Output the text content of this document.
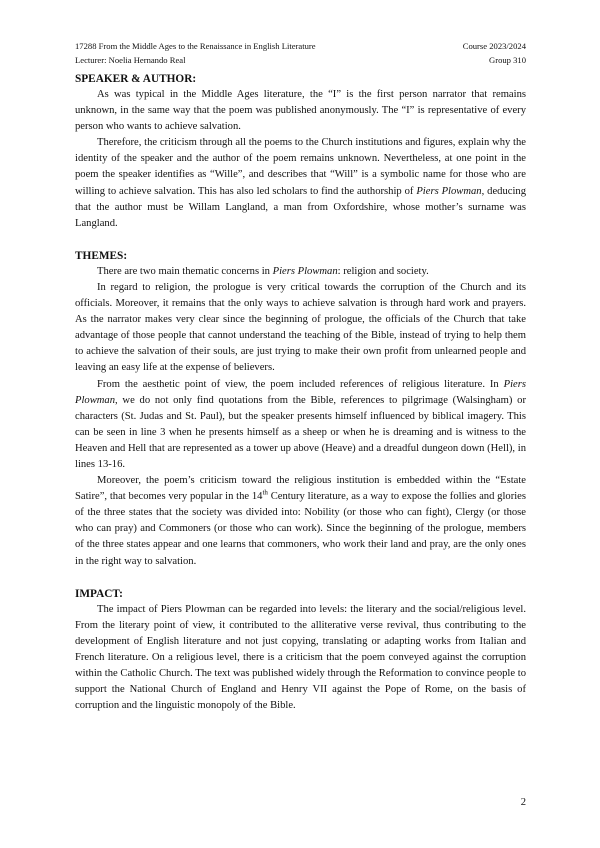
17288 From the Middle Ages to the Renaissance in English Literature	Course 2023/2024
Lecturer: Noelia Hernando Real	Group 310
SPEAKER & AUTHOR:

As was typical in the Middle Ages literature, the “I” is the first person narrator that remains unknown, in the same way that the poem was published anonymously. The “I” is representative of every person who wants to achieve salvation.

Therefore, the criticism through all the poems to the Church institutions and figures, explain why the identity of the speaker and the author of the poem remains unknown. Nevertheless, at one point in the poem the speaker identifies as “Wille”, and describes that “Will” is a symbolic name for those who are willing to achieve salvation. This has also led scholars to find the authorship of Piers Plowman, deducing that the author must be Willam Langland, a man from Oxfordshire, whose mother’s surname was Langland.

THEMES:

There are two main thematic concerns in Piers Plowman: religion and society.

In regard to religion, the prologue is very critical towards the corruption of the Church and its officials. Moreover, it remains that the only ways to achieve salvation is through hard work and prayers. As the narrator makes very clear since the beginning of prologue, the officials of the Church that take advantage of those people that cannot understand the teaching of the Bible, instead of trying to help them to achieve the salvation of their souls, are just trying to make their own profit from unlearned people and leaving an easy life at the expense of believers.

From the aesthetic point of view, the poem included references of religious literature. In Piers Plowman, we do not only find quotations from the Bible, references to pilgrimage (Walsingham) or characters (St. Judas and St. Paul), but the speaker presents himself influenced by biblical imagery. This can be seen in line 3 when he presents himself as a sheep or when he is dreaming and is witness to the Heaven and Hell that are represented as a tower up above (Heave) and a dreadful dungeon down (Hell), in lines 13-16.

Moreover, the poem’s criticism toward the religious institution is embedded within the “Estate Satire”, that becomes very popular in the 14th Century literature, as a way to expose the follies and glories of the three states that the society was divided into: Nobility (or those who can fight), Clergy (or those who can pray) and Commoners (or those who can work). Since the beginning of the prologue, members of the three states appear and one learns that commoners, who work their land and pray, are the only ones in the right way to salvation.

IMPACT:

The impact of Piers Plowman can be regarded into levels: the literary and the social/religious level. From the literary point of view, it contributed to the alliterative verse revival, thus contributing to the development of English literature and not just copying, translating or adapting works from Italian and French literature. On a religious level, there is a criticism that the poem conveyed against the corruption within the Catholic Church. The text was published widely through the Reformation to convince people to support the National Church of England and Henry VII against the Pope of Rome, on the basis of corruption and the linguistic monopoly of the Bible.

2
